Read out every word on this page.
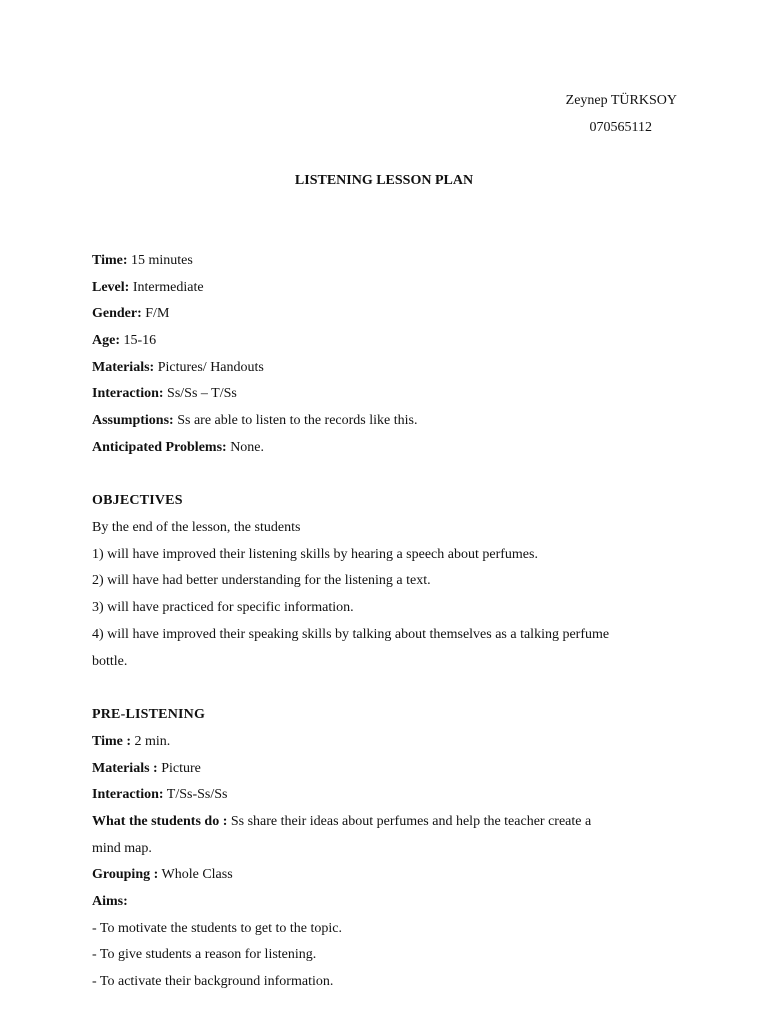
Zeynep TÜRKSOY
070565112
LISTENING LESSON PLAN
Time: 15 minutes
Level: Intermediate
Gender: F/M
Age: 15-16
Materials: Pictures/ Handouts
Interaction: Ss/Ss – T/Ss
Assumptions: Ss are able to listen to the records like this.
Anticipated Problems: None.
OBJECTIVES
By the end of the lesson, the students
1) will have improved their listening skills by hearing a speech about perfumes.
2) will have had better understanding for the listening a text.
3) will have practiced for specific information.
4) will have improved their speaking skills by talking about themselves as a talking perfume
bottle.
PRE-LISTENING
Time : 2 min.
Materials : Picture
Interaction: T/Ss-Ss/Ss
What the students do : Ss share their ideas about perfumes and help the teacher create a
mind map.
Grouping : Whole Class
Aims:
- To motivate the students to get to the topic.
- To give students a reason for listening.
- To activate their background information.
